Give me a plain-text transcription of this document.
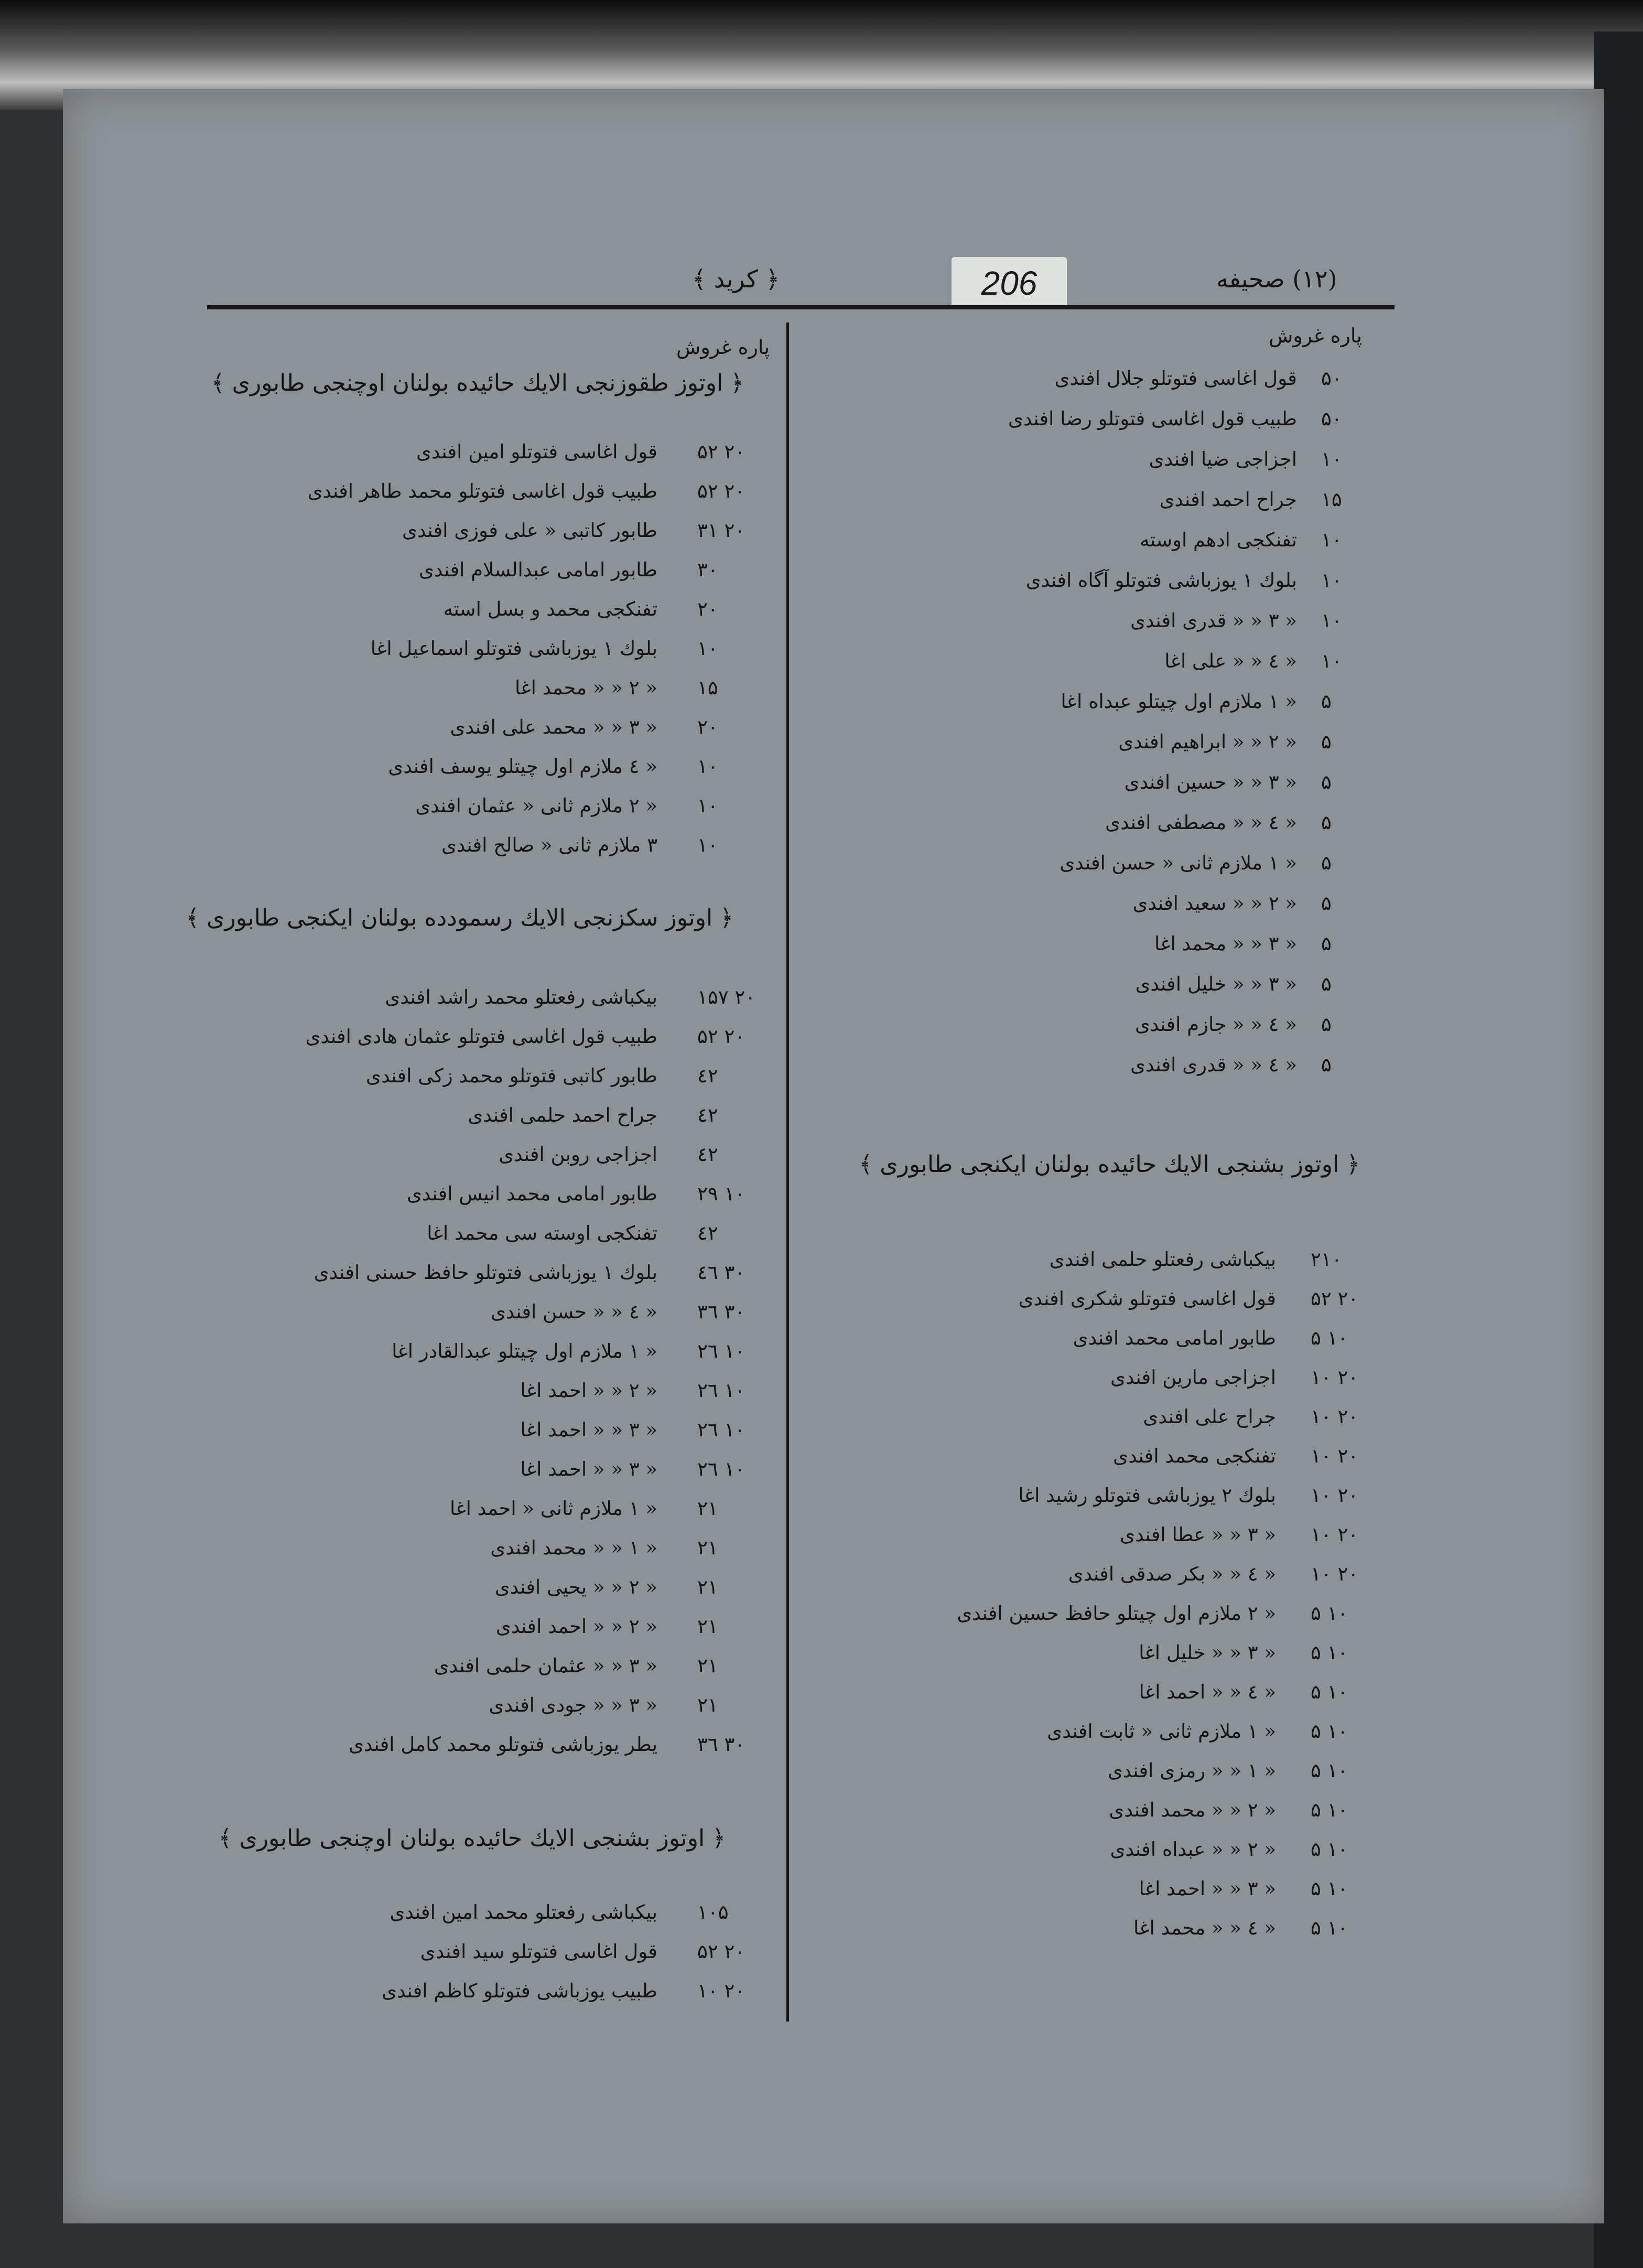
(۱۲) صحیفه
206
﴿ کرید ﴾
پاره غروش
پاره غروش
قول اغاسی فتوتلو جلال افندی ۵۰
طبیب قول اغاسی فتوتلو رضا افندی ۵۰
اجزاجی ضیا افندی ۱۰
جراح احمد افندی ۱۵
تفنکجی ادهم اوسته ۱۰
بلوك ۱ یوزباشی فتوتلو آگاه افندی ۱۰
« ۳ « « قدری افندی ۱۰
« ٤ « « علی اغا ۱۰
« ۱ ملازم اول چیتلو عبداه اغا ۵
« ۲ « « ابراهیم افندی ۵
« ۳ « « حسین افندی ۵
« ٤ « « مصطفی افندی ۵
« ۱ ملازم ثانی « حسن افندی ۵
« ۲ « « سعید افندی ۵
« ۳ « « محمد اغا ۵
« ۳ « « خلیل افندی ۵
« ٤ « « جازم افندی ۵
« ٤ « « قدری افندی ۵
﴿ اوتوز بشنجی الایك حائیده بولنان ایكنجی طابوری ﴾
بیكباشی رفعتلو حلمی افندی ۲۱۰
قول اغاسی فتوتلو شكری افندی ۲۰ ۵۲
طابور امامی محمد افندی ۱۰ ۵
اجزاجی مارین افندی ۲۰ ۱۰
جراح علی افندی ۲۰ ۱۰
تفنكجی محمد افندی ۲۰ ۱۰
بلوك ۲ یوزباشی فتوتلو رشید اغا ۲۰ ۱۰
« ۳ « « عطا افندی ۲۰ ۱۰
« ٤ « « بكر صدقی افندی ۲۰ ۱۰
« ۲ ملازم اول چیتلو حافظ حسین افندی ۱۰ ۵
« ۳ « « خلیل اغا ۱۰ ۵
« ٤ « « احمد اغا ۱۰ ۵
« ۱ ملازم ثانی « ثابت افندی ۱۰ ۵
« ۱ « « رمزی افندی ۱۰ ۵
« ۲ « « محمد افندی ۱۰ ۵
« ۲ « « عبداه افندی ۱۰ ۵
« ۳ « « احمد اغا ۱۰ ۵
« ٤ « « محمد اغا ۱۰ ۵
﴿ اوتوز طقوزنجی الایك حائیده بولنان اوچنجی طابوری ﴾
قول اغاسی فتوتلو امین افندی ۲۰ ۵۲
طبیب قول اغاسی فتوتلو محمد طاهر افندی ۲۰ ۵۲
طابور كاتبی « علی فوزی افندی ۲۰ ۳۱
طابور امامی عبدالسلام افندی ۳۰
تفنكجی محمد و بسل استه ۲۰
بلوك ۱ یوزباشی فتوتلو اسماعیل اغا ۱۰
« ۲ « « محمد اغا ۱۵
« ۳ « « محمد علی افندی ۲۰
« ٤ ملازم اول چیتلو یوسف افندی ۱۰
« ۲ ملازم ثانی « عثمان افندی ۱۰
۳ ملازم ثانی « صالح افندی ۱۰
﴿ اوتوز سكزنجی الایك رسمودده بولنان ایكنجی طابوری ﴾
بیكباشی رفعتلو محمد راشد افندی ۲۰ ۱۵۷
طبیب قول اغاسی فتوتلو عثمان هادی افندی ۲۰ ۵۲
طابور كاتبی فتوتلو محمد زكی افندی ٤۲
جراح احمد حلمی افندی ٤۲
اجزاجی روبن افندی ٤۲
طابور امامی محمد انیس افندی ۱۰ ۲۹
تفنكجی اوسته سی محمد اغا ٤۲
بلوك ۱ یوزباشی فتوتلو حافظ حسنی افندی ۳۰ ٤٦
« ٤ « « حسن افندی ۳۰ ۳٦
« ۱ ملازم اول چیتلو عبدالقادر اغا ۱۰ ۲٦
« ۲ « « احمد اغا ۱۰ ۲٦
« ۳ « « احمد اغا ۱۰ ۲٦
« ۳ « « احمد اغا ۱۰ ۲٦
« ۱ ملازم ثانی « احمد اغا ۲۱
« ۱ « « محمد افندی ۲۱
« ۲ « « یحیی افندی ۲۱
« ۲ « « احمد افندی ۲۱
« ۳ « « عثمان حلمی افندی ۲۱
« ۳ « « جودی افندی ۲۱
یطر یوزباشی فتوتلو محمد كامل افندی ۳۰ ۳٦
﴿ اوتوز بشنجی الایك حائیده بولنان اوچنجی طابوری ﴾
بیكباشی رفعتلو محمد امین افندی ۱۰۵
قول اغاسی فتوتلو سید افندی ۲۰ ۵۲
طبیب یوزباشی فتوتلو كاظم افندی ۲۰ ۱۰
